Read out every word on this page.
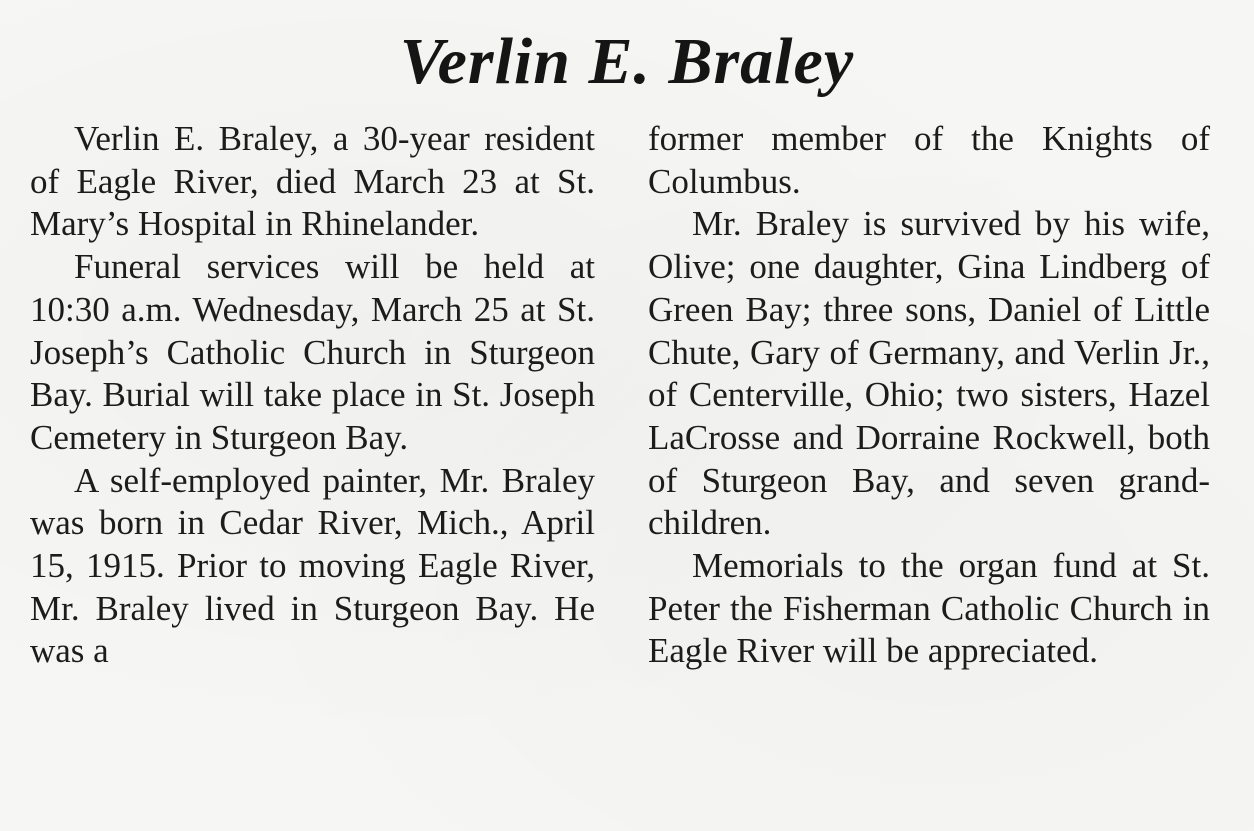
Verlin E. Braley

Verlin E. Braley, a 30-year resident of Eagle River, died March 23 at St. Mary’s Hospital in Rhinelander.

Funeral services will be held at 10:30 a.m. Wednesday, March 25 at St. Joseph’s Catholic Church in Sturgeon Bay. Burial will take place in St. Joseph Cemetery in Sturgeon Bay.

A self-employed painter, Mr. Braley was born in Cedar River, Mich., April 15, 1915. Prior to moving Eagle River, Mr. Braley lived in Sturgeon Bay. He was a

former member of the Knights of Columbus.

Mr. Braley is survived by his wife, Olive; one daughter, Gina Lindberg of Green Bay; three sons, Daniel of Little Chute, Gary of Germany, and Verlin Jr., of Centerville, Ohio; two sisters, Hazel LaCrosse and Dorraine Rockwell, both of Sturgeon Bay, and seven grand-children.

Memorials to the organ fund at St. Peter the Fisherman Catholic Church in Eagle River will be appreciated.
